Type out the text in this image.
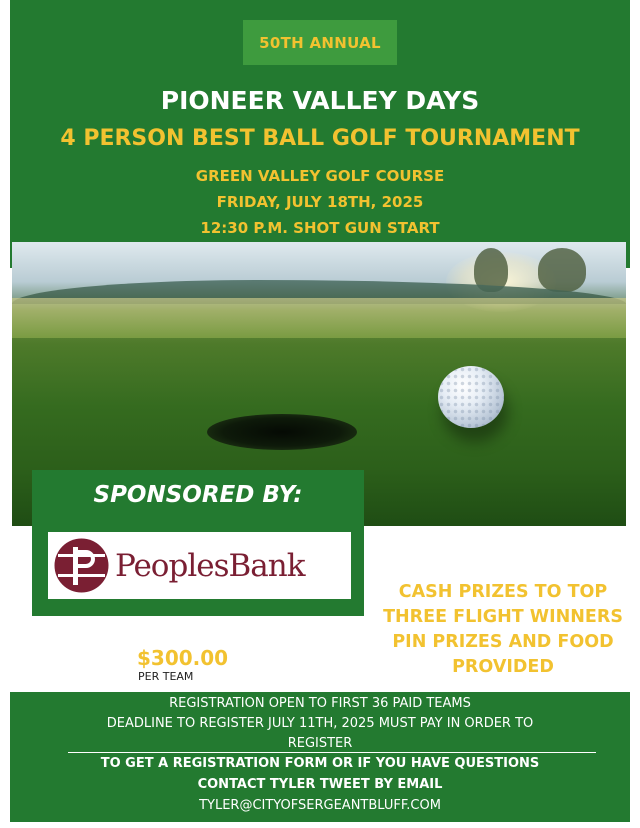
50TH ANNUAL
PIONEER VALLEY DAYS
4 PERSON BEST BALL GOLF TOURNAMENT
GREEN VALLEY GOLF COURSE
FRIDAY, JULY 18TH, 2025
12:30 P.M. SHOT GUN START
SPONSORED BY:
PeoplesBank
CASH PRIZES TO TOP
THREE FLIGHT WINNERS
PIN PRIZES AND FOOD
PROVIDED
$300.00
PER TEAM
REGISTRATION OPEN TO FIRST 36 PAID TEAMS
DEADLINE TO REGISTER JULY 11TH, 2025 MUST PAY IN ORDER TO
REGISTER
TO GET A REGISTRATION FORM OR IF YOU HAVE QUESTIONS
CONTACT TYLER TWEET BY EMAIL
TYLER@CITYOFSERGEANTBLUFF.COM
